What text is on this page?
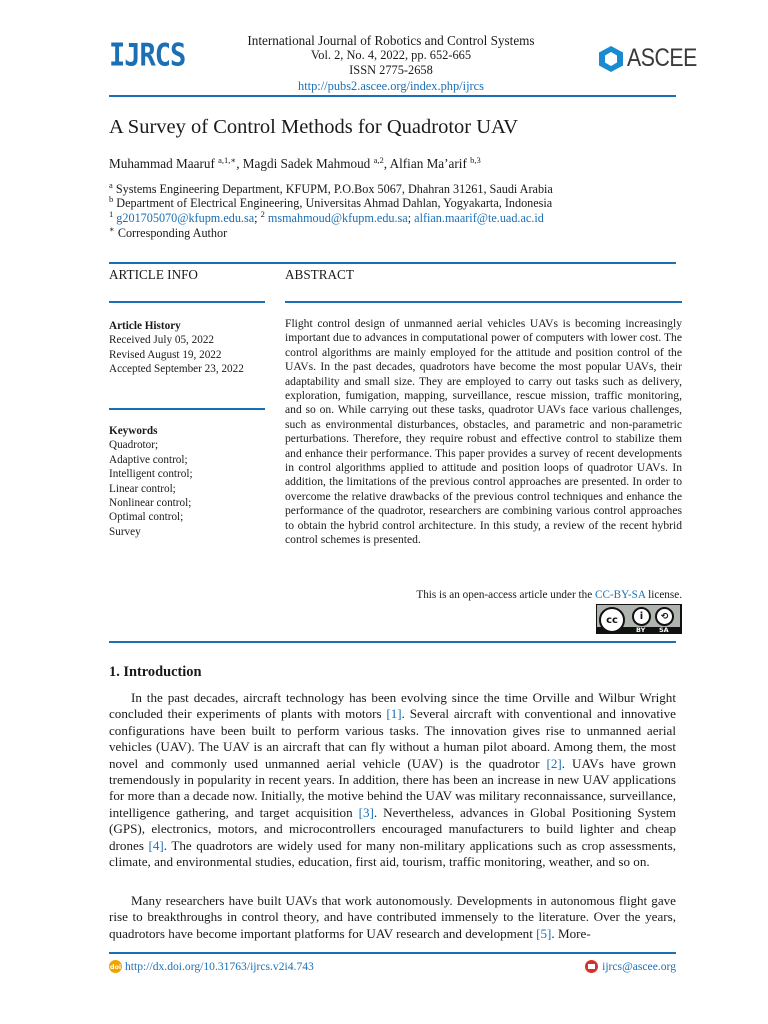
IJRCS	International Journal of Robotics and Control Systems
Vol. 2, No. 4, 2022, pp. 652-665
ISSN 2775-2658
http://pubs2.ascee.org/index.php/ijrcs
ASCEE
A Survey of Control Methods for Quadrotor UAV
Muhammad Maaruf $^{a,1,∗}$, Magdi Sadek Mahmoud $^{a,2}$, Alfian Ma’arif $^{b,3}$
$^a$ Systems Engineering Department, KFUPM, P.O.Box 5067, Dhahran 31261, Saudi Arabia
$^b$ Department of Electrical Engineering, Universitas Ahmad Dahlan, Yogyakarta, Indonesia
$^1$ g201705070@kfupm.edu.sa; $^2$ msmahmoud@kfupm.edu.sa; alfian.maarif@te.uad.ac.id
∗ Corresponding Author
ARTICLE INFO	ABSTRACT
Article History
Received July 05, 2022
Revised August 19, 2022
Accepted September 23, 2022
Keywords
Quadrotor;
Adaptive control;
Intelligent control;
Linear control;
Nonlinear control;
Optimal control;
Survey
Flight control design of unmanned aerial vehicles UAVs is becoming increasingly important due to advances in computational power of computers with lower cost. The control algorithms are mainly employed for the attitude and position control of the UAVs. In the past decades, quadrotors have become the most popular UAVs, their adaptability and small size. They are employed to carry out tasks such as delivery, exploration, fumigation, mapping, surveillance, rescue mission, traffic monitoring, and so on. While carrying out these tasks, quadrotor UAVs face various challenges, such as environmental disturbances, obstacles, and parametric and non-parametric perturbations. Therefore, they require robust and effective control to stabilize them and enhance their performance. This paper provides a survey of recent developments in control algorithms applied to attitude and position loops of quadrotor UAVs. In addition, the limitations of the previous control approaches are presented. In order to overcome the relative drawbacks of the previous control techniques and enhance the performance of the quadrotor, researchers are combining various control approaches to obtain the hybrid control architecture. In this study, a review of the recent hybrid control schemes is presented.
This is an open-access article under the CC-BY-SA license.
cc	i	⟲
BY SA
1. Introduction

In the past decades, aircraft technology has been evolving since the time Orville and Wilbur Wright concluded their experiments of plants with motors [1]. Several aircraft with conventional and innovative configurations have been built to perform various tasks. The innovation gives rise to unmanned aerial vehicles (UAV). The UAV is an aircraft that can fly without a human pilot aboard. Among them, the most novel and commonly used unmanned aerial vehicle (UAV) is the quadrotor [2]. UAVs have grown tremendously in popularity in recent years. In addition, there has been an increase in new UAV applications for more than a decade now. Initially, the motive behind the UAV was military reconnaissance, surveillance, intelligence gathering, and target acquisition [3]. Nevertheless, advances in Global Positioning System (GPS), electronics, motors, and microcontrollers encouraged manufacturers to build lighter and cheap drones [4]. The quadrotors are widely used for many non-military applications such as crop assessments, climate, and environmental studies, education, first aid, tourism, traffic monitoring, weather, and so on.

Many researchers have built UAVs that work autonomously. Developments in autonomous flight gave rise to breakthroughs in control theory, and have contributed immensely to the literature. Over the years, quadrotors have become important platforms for UAV research and development [5]. More-

doi http://dx.doi.org/10.31763/ijrcs.v2i4.743	ijrcs@ascee.org
